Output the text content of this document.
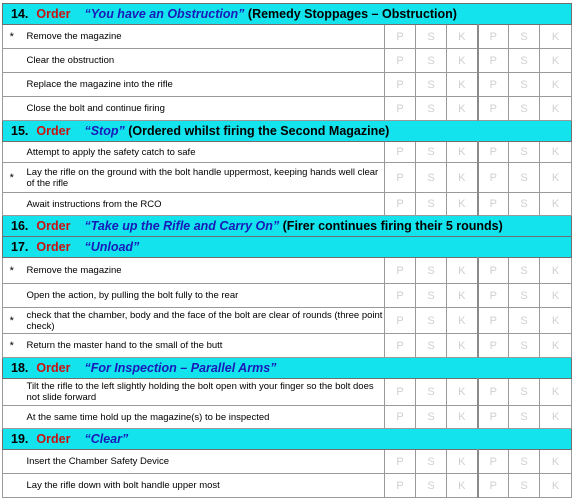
14. Order “You have an Obstruction” (Remedy Stoppages – Obstruction)							
*	Remove the magazine	P	S	K	P	S	K
	Clear the obstruction	P	S	K	P	S	K
	Replace the magazine into the rifle	P	S	K	P	S	K
	Close the bolt and continue firing	P	S	K	P	S	K
15. Order “Stop” (Ordered whilst firing the Second Magazine)							
	Attempt to apply the safety catch to safe	P	S	K	P	S	K
*	Lay the rifle on the ground with the bolt handle uppermost, keeping hands well clear of the rifle	P	S	K	P	S	K
	Await instructions from the RCO	P	S	K	P	S	K
16. Order “Take up the Rifle and Carry On” (Firer continues firing their 5 rounds)							
17. Order “Unload”							
*	Remove the magazine	P	S	K	P	S	K
	Open the action, by pulling the bolt fully to the rear	P	S	K	P	S	K
*	check that the chamber, body and the face of the bolt are clear of rounds (three point check)	P	S	K	P	S	K
*	Return the master hand to the small of the butt	P	S	K	P	S	K
18. Order “For Inspection – Parallel Arms”							
	Tilt the rifle to the left slightly holding the bolt open with your finger so the bolt does not slide forward	P	S	K	P	S	K
	At the same time hold up the magazine(s) to be inspected	P	S	K	P	S	K
19. Order “Clear”							
	Insert the Chamber Safety Device	P	S	K	P	S	K
	Lay the rifle down with bolt handle upper most	P	S	K	P	S	K
